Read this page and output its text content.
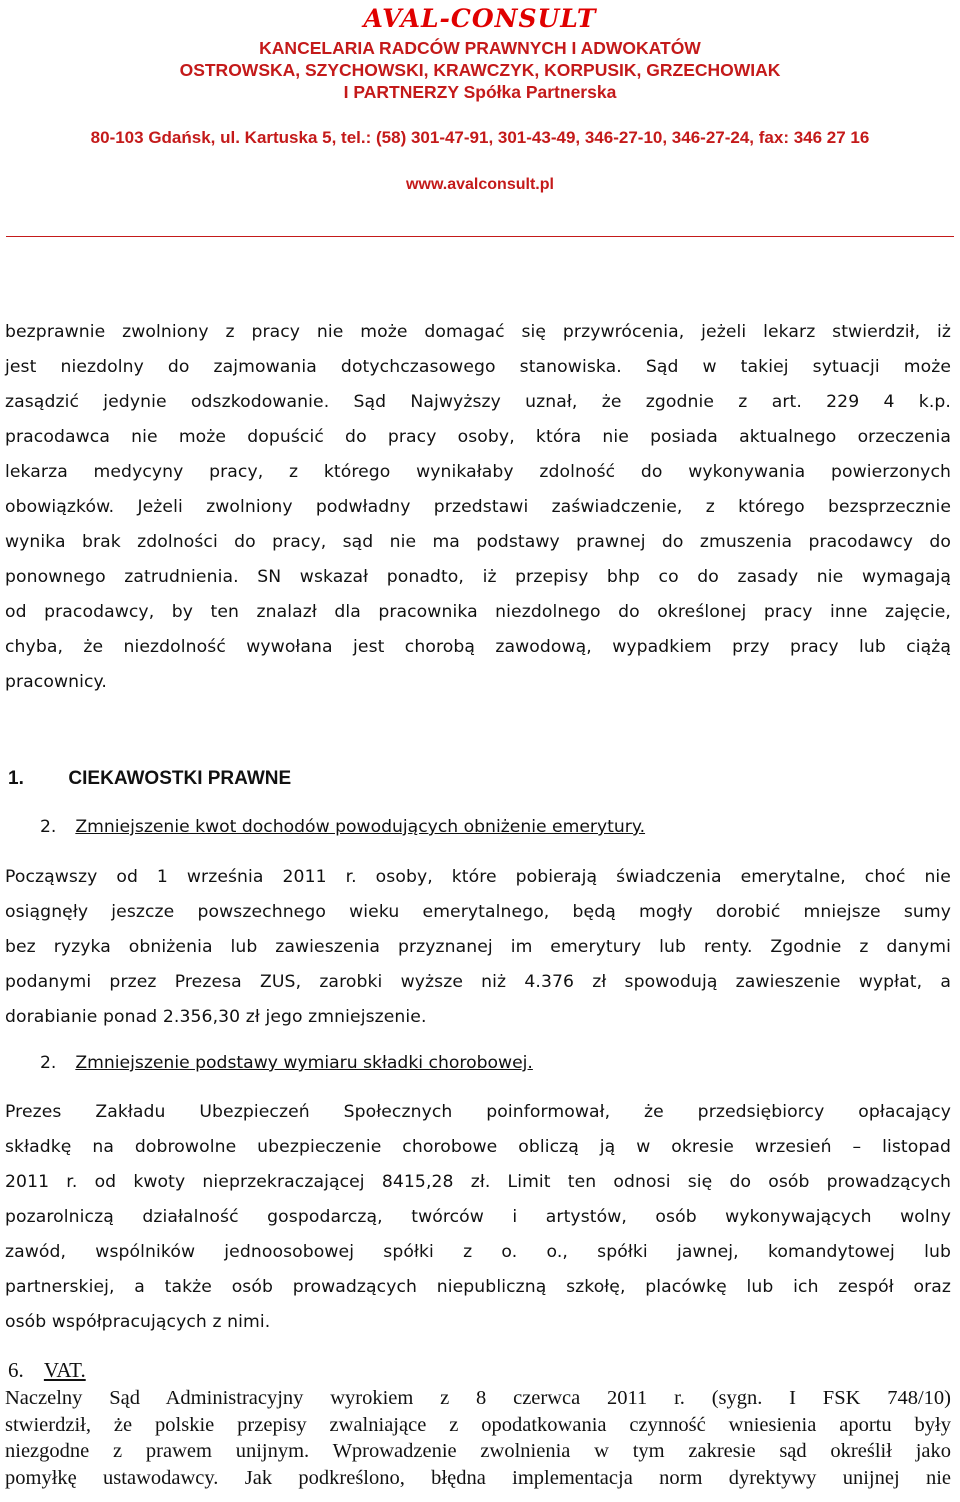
AVAL-CONSULT
KANCELARIA RADCÓW PRAWNYCH I ADWOKATÓW
OSTROWSKA, SZYCHOWSKI, KRAWCZYK, KORPUSIK, GRZECHOWIAK
I PARTNERZY Spółka Partnerska
80-103 Gdańsk, ul. Kartuska 5, tel.: (58) 301-47-91, 301-43-49, 346-27-10, 346-27-24, fax: 346 27 16
www.avalconsult.pl
bezprawnie zwolniony z pracy nie może domagać się przywrócenia, jeżeli lekarz stwierdził, iż
jest niezdolny do zajmowania dotychczasowego stanowiska. Sąd w takiej sytuacji może
zasądzić jedynie odszkodowanie. Sąd Najwyższy uznał, że zgodnie z art. 229 4 k.p.
pracodawca nie może dopuścić do pracy osoby, która nie posiada aktualnego orzeczenia
lekarza medycyny pracy, z którego wynikałaby zdolność do wykonywania powierzonych
obowiązków. Jeżeli zwolniony podwładny przedstawi zaświadczenie, z którego bezsprzecznie
wynika brak zdolności do pracy, sąd nie ma podstawy prawnej do zmuszenia pracodawcy do
ponownego zatrudnienia. SN wskazał ponadto, iż przepisy bhp co do zasady nie wymagają
od pracodawcy, by ten znalazł dla pracownika niezdolnego do określonej pracy inne zajęcie,
chyba, że niezdolność wywołana jest chorobą zawodową, wypadkiem przy pracy lub ciążą
pracownicy.
1. CIEKAWOSTKI PRAWNE
2. Zmniejszenie kwot dochodów powodujących obniżenie emerytury.
Począwszy od 1 września 2011 r. osoby, które pobierają świadczenia emerytalne, choć nie
osiągnęły jeszcze powszechnego wieku emerytalnego, będą mogły dorobić mniejsze sumy
bez ryzyka obniżenia lub zawieszenia przyznanej im emerytury lub renty. Zgodnie z danymi
podanymi przez Prezesa ZUS, zarobki wyższe niż 4.376 zł spowodują zawieszenie wypłat, a
dorabianie ponad 2.356,30 zł jego zmniejszenie.
2. Zmniejszenie podstawy wymiaru składki chorobowej.
Prezes Zakładu Ubezpieczeń Społecznych poinformował, że przedsiębiorcy opłacający
składkę na dobrowolne ubezpieczenie chorobowe obliczą ją w okresie wrzesień – listopad
2011 r. od kwoty nieprzekraczającej 8415,28 zł. Limit ten odnosi się do osób prowadzących
pozarolniczą działalność gospodarczą, twórców i artystów, osób wykonywających wolny
zawód, wspólników jednoosobowej spółki z o. o., spółki jawnej, komandytowej lub
partnerskiej, a także osób prowadzących niepubliczną szkołę, placówkę lub ich zespół oraz
osób współpracujących z nimi.
6. VAT.
Naczelny Sąd Administracyjny wyrokiem z 8 czerwca 2011 r. (sygn. I FSK 748/10)
stwierdził, że polskie przepisy zwalniające z opodatkowania czynność wniesienia aportu były
niezgodne z prawem unijnym. Wprowadzenie zwolnienia w tym zakresie sąd określił jako
pomyłkę ustawodawcy. Jak podkreślono, błędna implementacja norm dyrektywy unijnej nie
